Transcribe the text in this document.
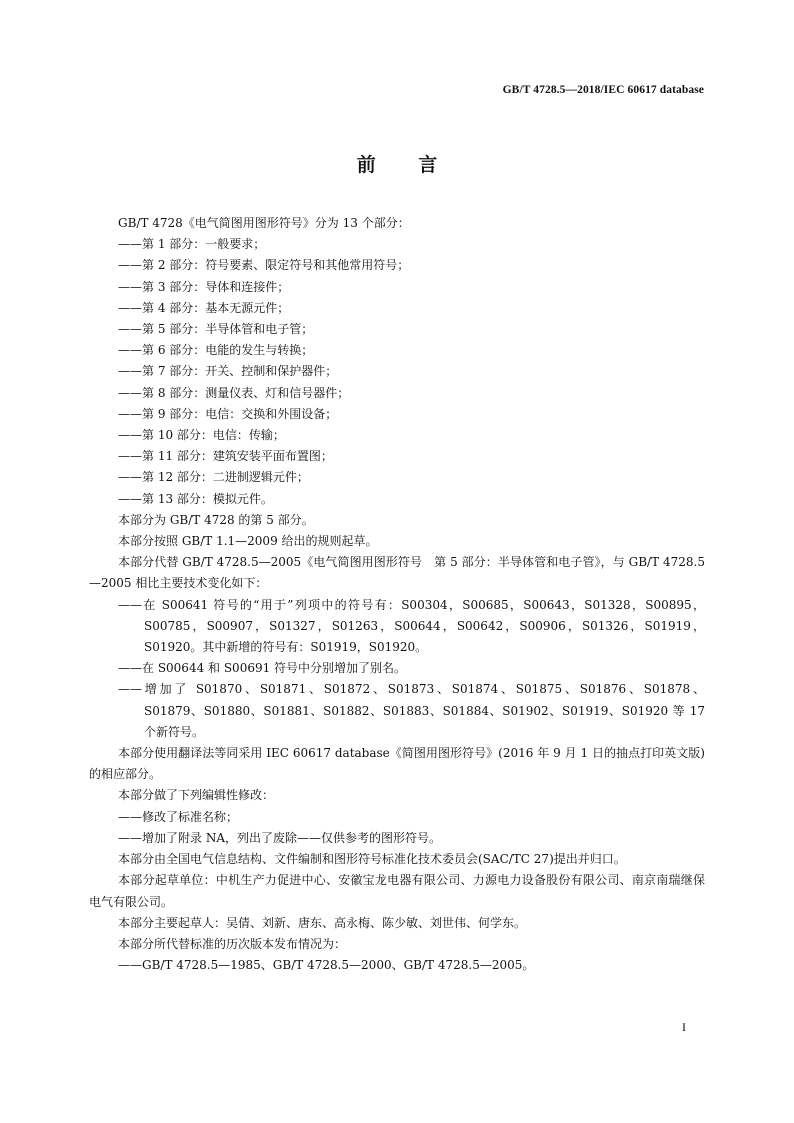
GB/T 4728.5—2018/IEC 60617 database
前 言

GB/T 4728《电气简图用图形符号》分为 13 个部分：

——第 1 部分：一般要求；

——第 2 部分：符号要素、限定符号和其他常用符号；

——第 3 部分：导体和连接件；

——第 4 部分：基本无源元件；

——第 5 部分：半导体管和电子管；

——第 6 部分：电能的发生与转换；

——第 7 部分：开关、控制和保护器件；

——第 8 部分：测量仪表、灯和信号器件；

——第 9 部分：电信：交换和外围设备；

——第 10 部分：电信：传输；

——第 11 部分：建筑安装平面布置图；

——第 12 部分：二进制逻辑元件；

——第 13 部分：模拟元件。

本部分为 GB/T 4728 的第 5 部分。

本部分按照 GB/T 1.1—2009 给出的规则起草。

本部分代替 GB/T 4728.5—2005《电气简图用图形符号　第 5 部分：半导体管和电子管》，与 GB/T 4728.5—2005 相比主要技术变化如下：

——在 S00641 符号的“用于”列项中的符号有：S00304，S00685，S00643，S01328，S00895，S00785，S00907，S01327，S01263，S00644，S00642，S00906，S01326，S01919，S01920。其中新增的符号有：S01919，S01920。

——在 S00644 和 S00691 符号中分别增加了别名。

——增加了 S01870、S01871、S01872、S01873、S01874、S01875、S01876、S01878、S01879、S01880、S01881、S01882、S01883、S01884、S01902、S01919、S01920 等 17 个新符号。

本部分使用翻译法等同采用 IEC 60617 database《简图用图形符号》(2016 年 9 月 1 日的抽点打印英文版)的相应部分。

本部分做了下列编辑性修改：

——修改了标准名称；

——增加了附录 NA，列出了废除——仅供参考的图形符号。

本部分由全国电气信息结构、文件编制和图形符号标准化技术委员会(SAC/TC 27)提出并归口。

本部分起草单位：中机生产力促进中心、安徽宝龙电器有限公司、力源电力设备股份有限公司、南京南瑞继保电气有限公司。

本部分主要起草人：吴倩、刘新、唐东、高永梅、陈少敏、刘世伟、何学东。

本部分所代替标准的历次版本发布情况为：

——GB/T 4728.5—1985、GB/T 4728.5—2000、GB/T 4728.5—2005。

I
